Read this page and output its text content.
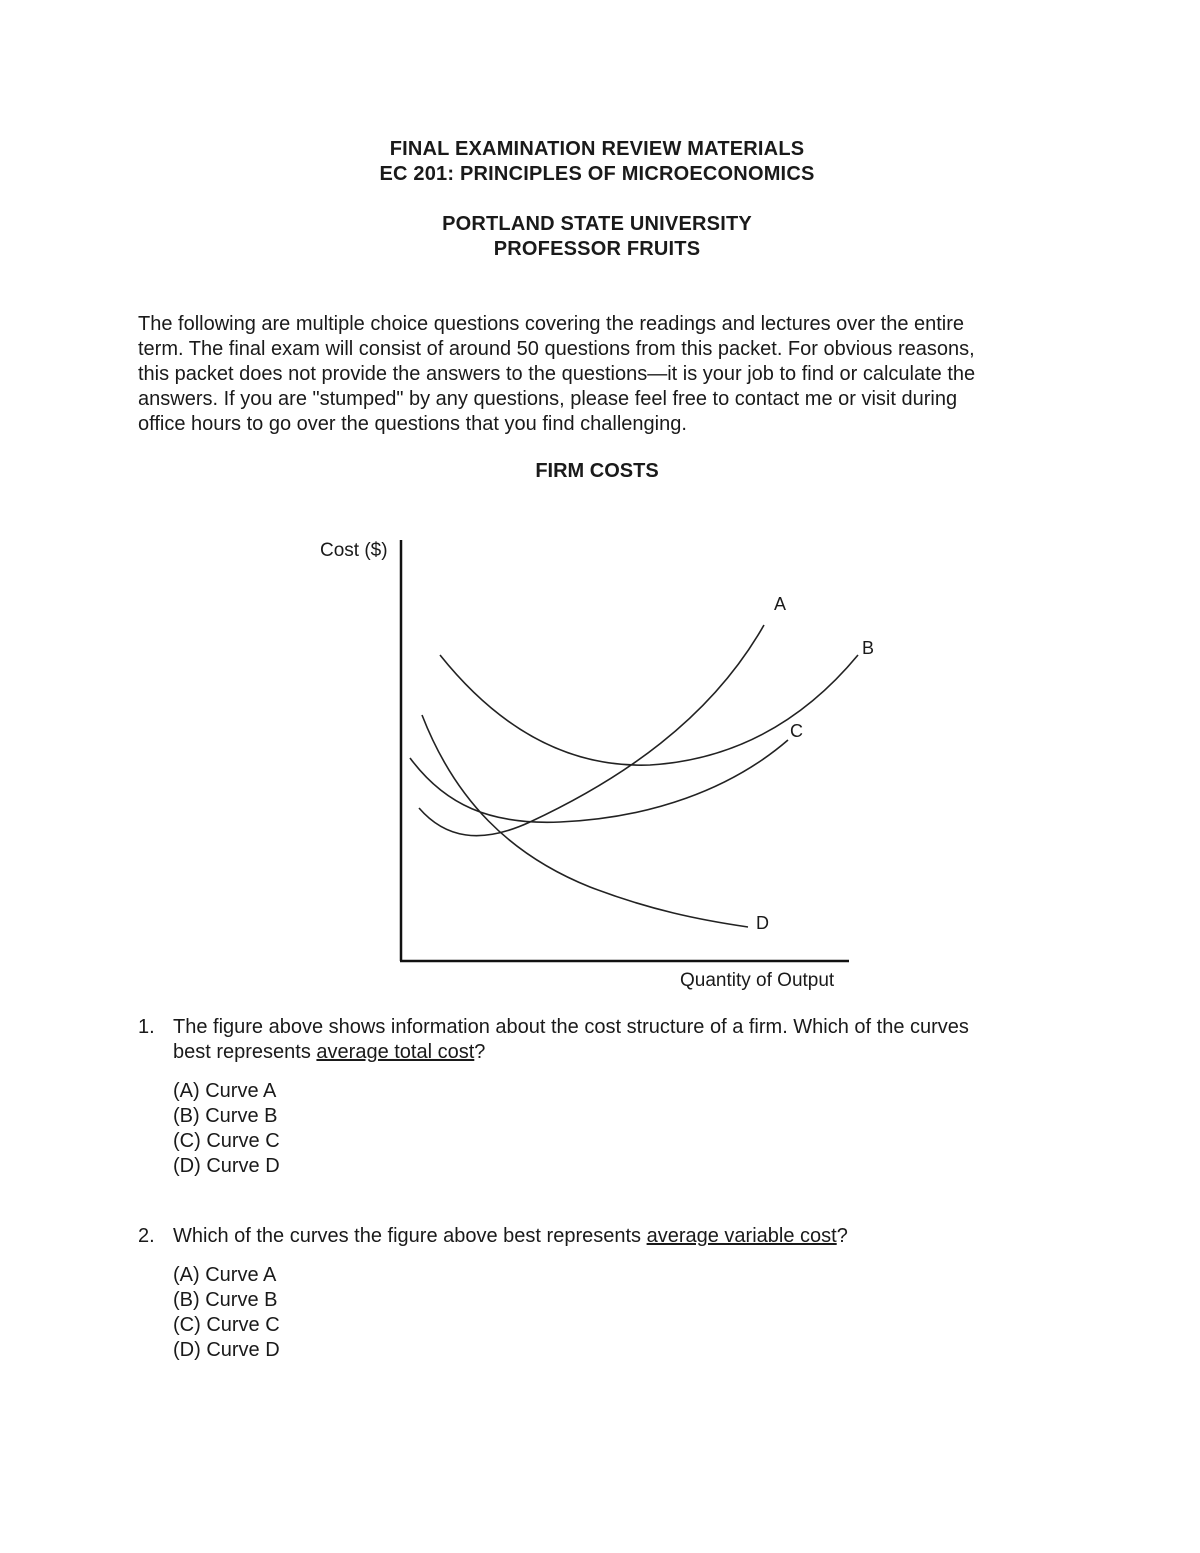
FINAL EXAMINATION REVIEW MATERIALS
EC 201: PRINCIPLES OF MICROECONOMICS
PORTLAND STATE UNIVERSITY
PROFESSOR FRUITS
The following are multiple choice questions covering the readings and lectures over the entire
term. The final exam will consist of around 50 questions from this packet. For obvious reasons,
this packet does not provide the answers to the questions—it is your job to find or calculate the
answers. If you are "stumped" by any questions, please feel free to contact me or visit during
office hours to go over the questions that you find challenging.
FIRM COSTS
Cost ($)
Quantity of Output
A
B
C
D
1. The figure above shows information about the cost structure of a firm. Which of the curves
best represents average total cost?
(A) Curve A
(B) Curve B
(C) Curve C
(D) Curve D
2. Which of the curves the figure above best represents average variable cost?
(A) Curve A
(B) Curve B
(C) Curve C
(D) Curve D
